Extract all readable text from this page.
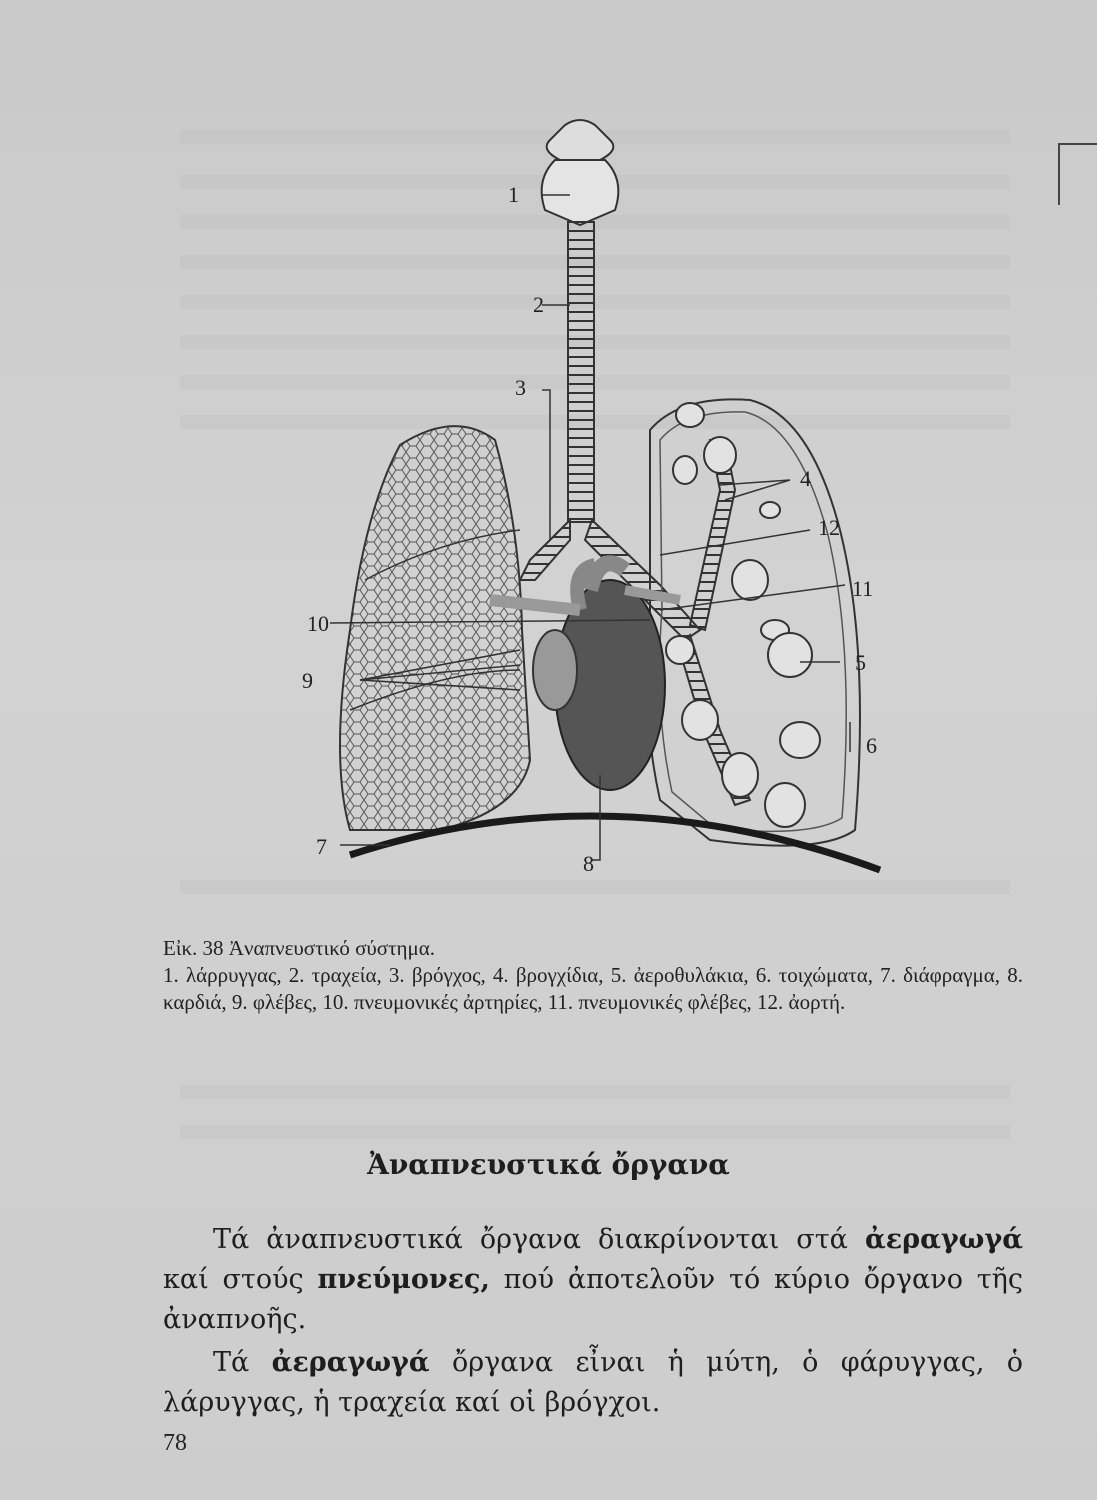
1
2
3
4
12
11
10
9
5
6
7
8
Εἰκ. 38 Ἀναπνευστικό σύστημα.
1. λάρρυγγας, 2. τραχεία, 3. βρόγχος, 4. βρογχίδια, 5. ἀεροθυλάκια, 6. τοιχώματα, 7. διάφραγμα, 8. καρδιά, 9. φλέβες, 10. πνευμονικές ἀρτηρίες, 11. πνευμονικές φλέβες, 12. ἀορτή.
Ἀναπνευστικά ὄργανα
Τά ἀναπνευστικά ὄργανα διακρίνονται στά ἀεραγωγά καί στούς πνεύμονες, πού ἀποτελοῦν τό κύριο ὄργανο τῆς ἀναπνοῆς.
Τά ἀεραγωγά ὄργανα εἶναι ἡ μύτη, ὁ φάρυγγας, ὁ λάρυγγας, ἡ τραχεία καί οἱ βρόγχοι.
78
